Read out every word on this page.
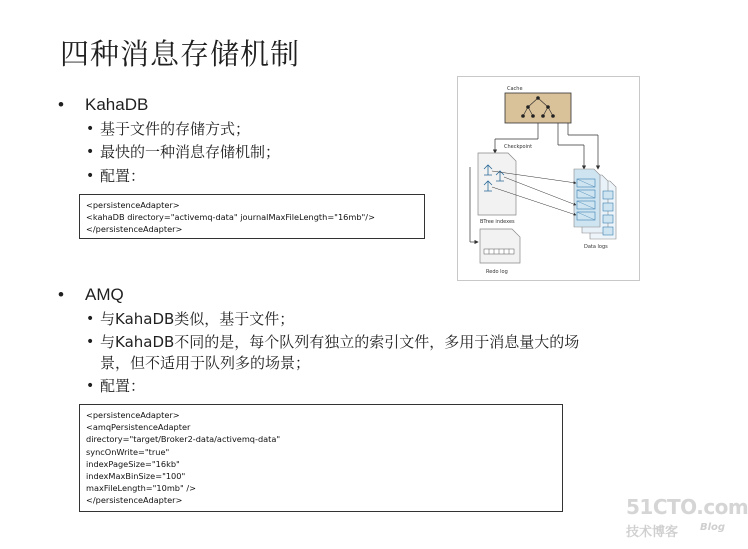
四种消息存储机制
• KahaDB
• 基于文件的存储方式；
• 最快的一种消息存储机制；
• 配置：
<persistenceAdapter>
<kahaDB directory="activemq-data" journalMaxFileLength="16mb"/>
</persistenceAdapter>
Cache
Checkpoint
BTree indexes
Data logs
Redo log
• AMQ
• 与KahaDB类似，基于文件；
• 与KahaDB不同的是，每个队列有独立的索引文件，多用于消息量大的场
景，但不适用于队列多的场景；
• 配置：
<persistenceAdapter>
<amqPersistenceAdapter
directory="target/Broker2-data/activemq-data"
syncOnWrite="true"
indexPageSize="16kb"
indexMaxBinSize="100"
maxFileLength="10mb" />
</persistenceAdapter>	51CTO.com
技术博客 Blog
